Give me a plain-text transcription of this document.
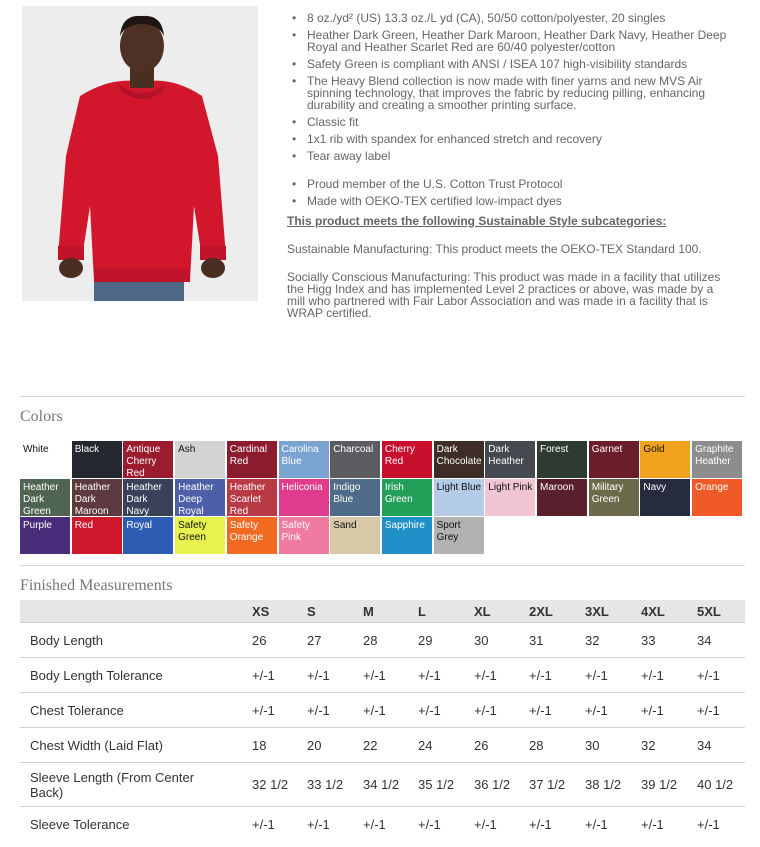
• 8 oz./yd² (US) 13.3 oz./L yd (CA), 50/50 cotton/polyester, 20 singles
• Heather Dark Green, Heather Dark Maroon, Heather Dark Navy, Heather Deep Royal and Heather Scarlet Red are 60/40 polyester/cotton
• Safety Green is compliant with ANSI / ISEA 107 high-visibility standards
• The Heavy Blend collection is now made with finer yarns and new MVS Air spinning technology, that improves the fabric by reducing pilling, enhancing durability and creating a smoother printing surface.
• Classic fit
• 1x1 rib with spandex for enhanced stretch and recovery
• Tear away label
• Proud member of the U.S. Cotton Trust Protocol
• Made with OEKO-TEX certified low-impact dyes
This product meets the following Sustainable Style subcategories:
Sustainable Manufacturing: This product meets the OEKO-TEX Standard 100.
Socially Conscious Manufacturing: This product was made in a facility that utilizes the Higg Index and has implemented Level 2 practices or above, was made by a mill who partnered with Fair Labor Association and was made in a facility that is WRAP certified.
Colors
White	Black	Antique Cherry Red
Ash	Cardinal Red
Carolina Blue
Charcoal	Cherry Red
Dark Chocolate
Dark Heather
Forest	Garnet	Gold	Graphite Heather
Heather Dark Green
Heather Dark Maroon
Heather Dark Navy
Heather Deep Royal
Heather Scarlet Red
Heliconia	Indigo Blue
Irish Green
Light Blue Light Pink Maroon	Military Green
Navy	Orange
Purple	Red	Royal	Safety Green
Safety Orange
Safety Pink
Sand	Sapphire	Sport Grey
Finished Measurements
	XS	S	M	L	XL	2XL	3XL	4XL	5XL
Body Length	26	27	28	29	30	31	32	33	34
Body Length Tolerance	+/-1	+/-1	+/-1	+/-1	+/-1	+/-1	+/-1	+/-1	+/-1
Chest Tolerance	+/-1	+/-1	+/-1	+/-1	+/-1	+/-1	+/-1	+/-1	+/-1
Chest Width (Laid Flat)	18	20	22	24	26	28	30	32	34
Sleeve Length (From Center Back)	32 1/2	33 1/2	34 1/2	35 1/2	36 1/2	37 1/2	38 1/2	39 1/2	40 1/2
Sleeve Tolerance	+/-1	+/-1	+/-1	+/-1	+/-1	+/-1	+/-1	+/-1	+/-1
